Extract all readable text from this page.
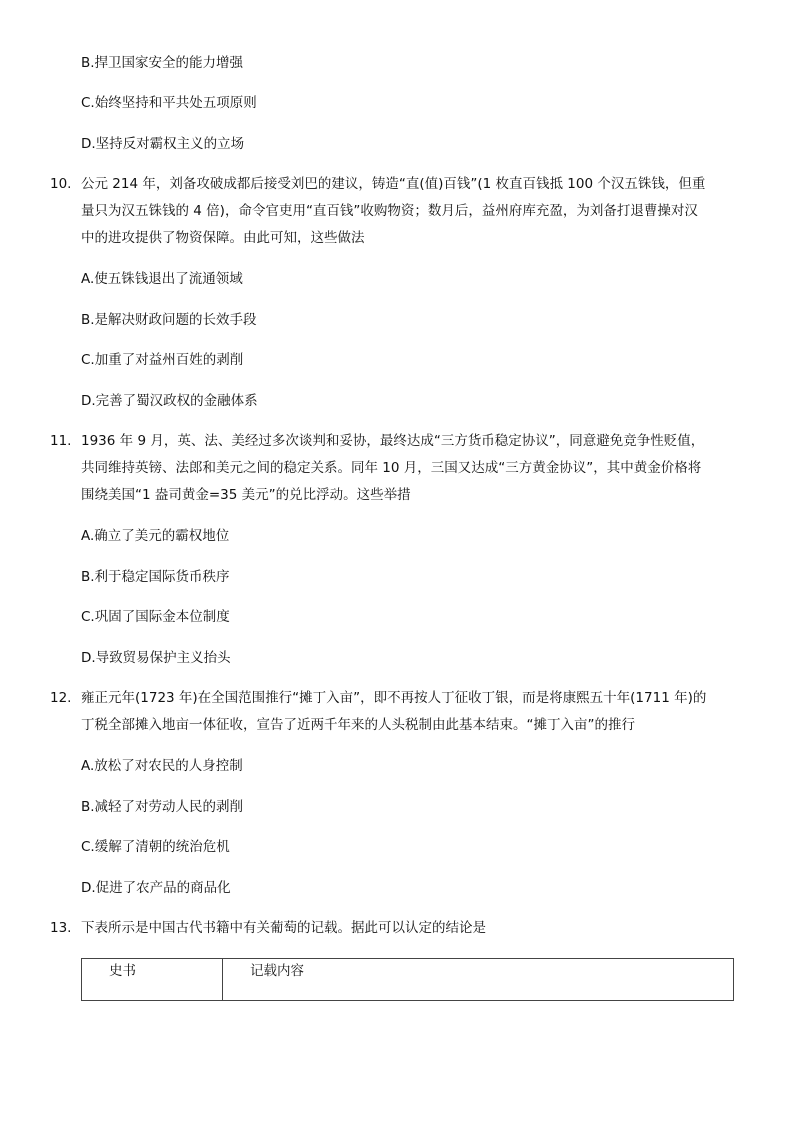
B.捍卫国家安全的能力增强
C.始终坚持和平共处五项原则
D.坚持反对霸权主义的立场
10. 公元 214 年，刘备攻破成都后接受刘巴的建议，铸造“直(值)百钱”(1 枚直百钱抵 100 个汉五铢钱，但重
量只为汉五铢钱的 4 倍)，命令官吏用“直百钱”收购物资；数月后，益州府库充盈，为刘备打退曹操对汉
中的进攻提供了物资保障。由此可知，这些做法
A.使五铢钱退出了流通领域
B.是解决财政问题的长效手段
C.加重了对益州百姓的剥削
D.完善了蜀汉政权的金融体系
11. 1936 年 9 月，英、法、美经过多次谈判和妥协，最终达成“三方货币稳定协议”，同意避免竞争性贬值，
共同维持英镑、法郎和美元之间的稳定关系。同年 10 月，三国又达成“三方黄金协议”，其中黄金价格将
围绕美国“1 盎司黄金=35 美元”的兑比浮动。这些举措
A.确立了美元的霸权地位
B.利于稳定国际货币秩序
C.巩固了国际金本位制度
D.导致贸易保护主义抬头
12. 雍正元年(1723 年)在全国范围推行“摊丁入亩”，即不再按人丁征收丁银，而是将康熙五十年(1711 年)的
丁税全部摊入地亩一体征收，宣告了近两千年来的人头税制由此基本结束。“摊丁入亩”的推行
A.放松了对农民的人身控制
B.减轻了对劳动人民的剥削
C.缓解了清朝的统治危机
D.促进了农产品的商品化
13. 下表所示是中国古代书籍中有关葡萄的记载。据此可以认定的结论是
史书	记载内容
